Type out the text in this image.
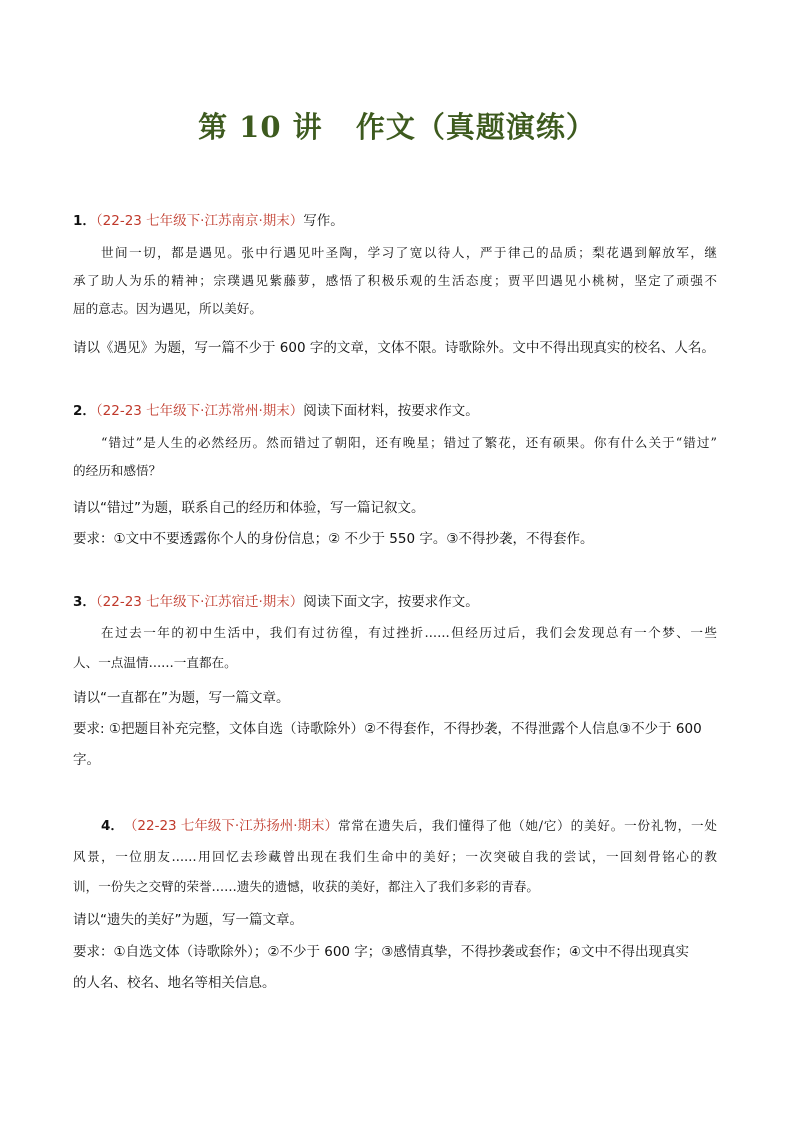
第 10 讲   作文（真题演练）
1．（22-23 七年级下·江苏南京·期末）写作。
世间一切，都是遇见。张中行遇见叶圣陶，学习了宽以待人，严于律己的品质；梨花遇到解放军，继
承了助人为乐的精神；宗璞遇见紫藤萝，感悟了积极乐观的生活态度；贾平凹遇见小桃树，坚定了顽强不
屈的意志。因为遇见，所以美好。
请以《遇见》为题，写一篇不少于 600 字的文章，文体不限。诗歌除外。文中不得出现真实的校名、人名。
2．（22-23 七年级下·江苏常州·期末）阅读下面材料，按要求作文。
“错过”是人生的必然经历。然而错过了朝阳，还有晚星；错过了繁花，还有硕果。你有什么关于“错过”
的经历和感悟？
请以“错过”为题，联系自己的经历和体验，写一篇记叙文。
要求：①文中不要透露你个人的身份信息；② 不少于 550 字。③不得抄袭，不得套作。
3．（22-23 七年级下·江苏宿迁·期末）阅读下面文字，按要求作文。
在过去一年的初中生活中，我们有过彷徨，有过挫折……但经历过后，我们会发现总有一个梦、一些
人、一点温情……一直都在。
请以“一直都在”为题，写一篇文章。
要求: ①把题目补充完整，文体自选（诗歌除外）②不得套作，不得抄袭，不得泄露个人信息③不少于 600
字。
4． （ 22-23 七年级下·江苏扬州·期末 ） 常常在遗失后，我们懂得了他（她/它）的美好。一份礼物，一处
风景，一位朋友……用回忆去珍藏曾出现在我们生命中的美好；一次突破自我的尝试，一回刻骨铭心的教
训，一份失之交臂的荣誉……遗失的遗憾，收获的美好，都注入了我们多彩的青春。
请以“遗失的美好”为题，写一篇文章。
要求：①自选文体（诗歌除外）；②不少于 600 字；③感情真挚，不得抄袭或套作；④文中不得出现真实
的人名、校名、地名等相关信息。
